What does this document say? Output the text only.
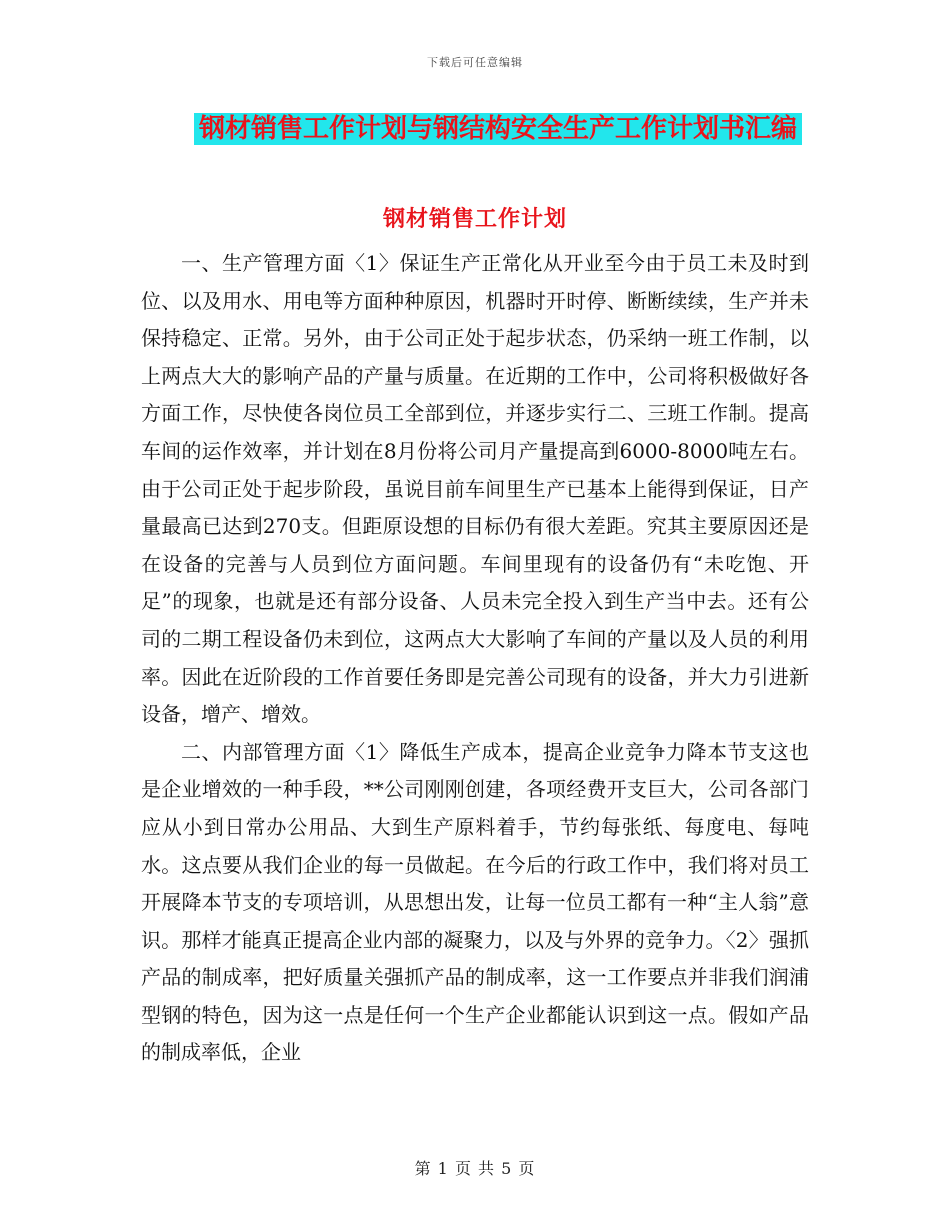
下载后可任意编辑
钢材销售工作计划与钢结构安全生产工作计划书汇编
钢材销售工作计划

一、生产管理方面〈1〉保证生产正常化从开业至今由于员工未及时到位、以及用水、用电等方面种种原因，机器时开时停、断断续续，生产并未保持稳定、正常。另外，由于公司正处于起步状态，仍采纳一班工作制，以上两点大大的影响产品的产量与质量。在近期的工作中，公司将积极做好各方面工作，尽快使各岗位员工全部到位，并逐步实行二、三班工作制。提高车间的运作效率，并计划在8月份将公司月产量提高到6000-8000吨左右。由于公司正处于起步阶段，虽说目前车间里生产已基本上能得到保证，日产量最高已达到270支。但距原设想的目标仍有很大差距。究其主要原因还是在设备的完善与人员到位方面问题。车间里现有的设备仍有“未吃饱、开足”的现象，也就是还有部分设备、人员未完全投入到生产当中去。还有公司的二期工程设备仍未到位，这两点大大影响了车间的产量以及人员的利用率。因此在近阶段的工作首要任务即是完善公司现有的设备，并大力引进新设备，增产、增效。

二、内部管理方面〈1〉降低生产成本，提高企业竞争力降本节支这也是企业增效的一种手段，**公司刚刚创建，各项经费开支巨大，公司各部门应从小到日常办公用品、大到生产原料着手，节约每张纸、每度电、每吨水。这点要从我们企业的每一员做起。在今后的行政工作中，我们将对员工开展降本节支的专项培训，从思想出发，让每一位员工都有一种“主人翁”意识。那样才能真正提高企业内部的凝聚力，以及与外界的竞争力。〈2〉强抓产品的制成率，把好质量关强抓产品的制成率，这一工作要点并非我们润浦型钢的特色，因为这一点是任何一个生产企业都能认识到这一点。假如产品的制成率低，企业

第 1 页 共 5 页
